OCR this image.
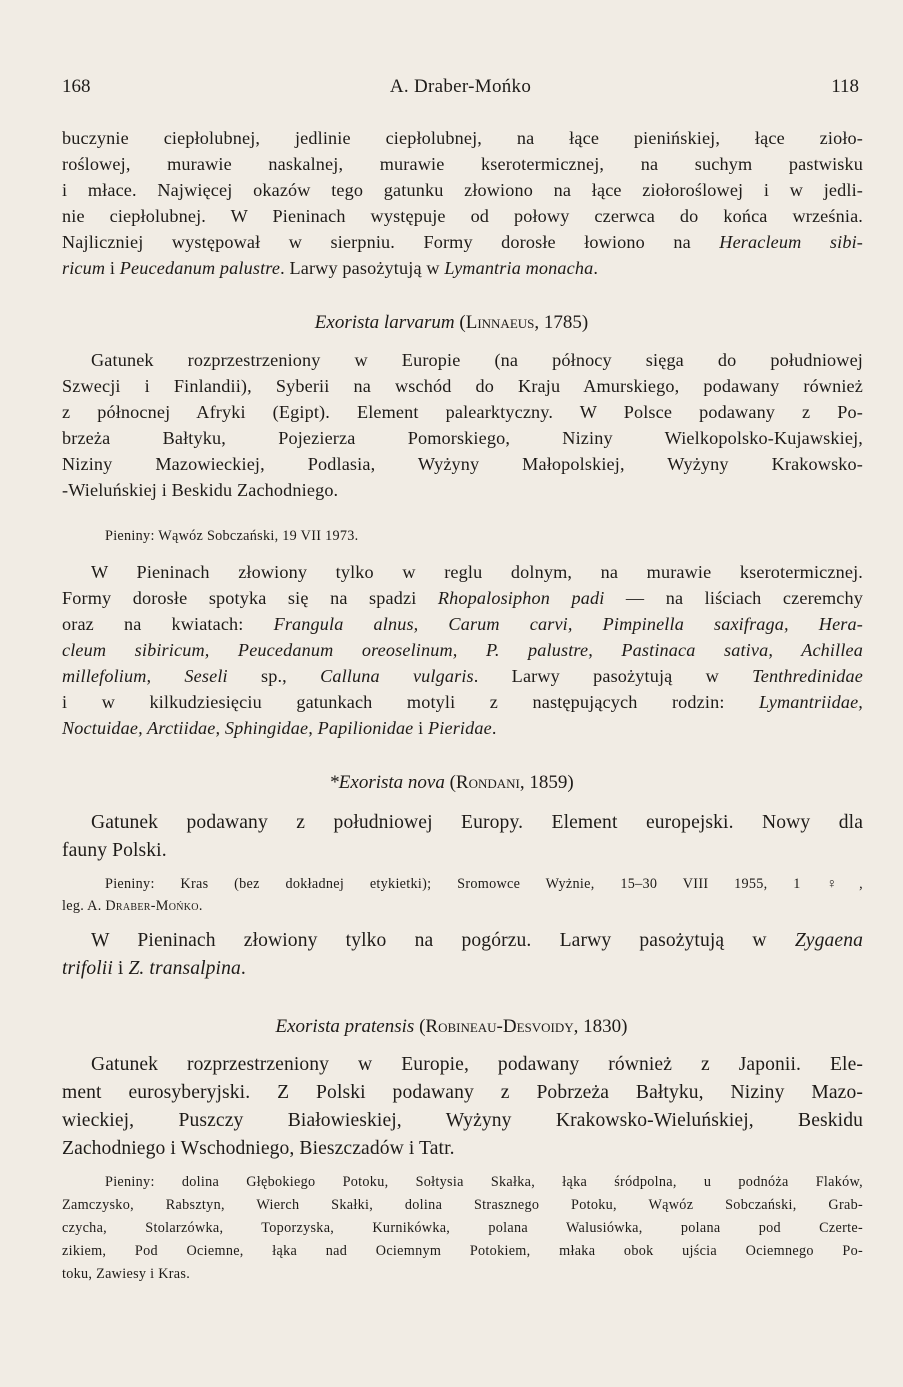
168	A. Draber-Mońko	118
buczynie ciepłolubnej, jedlinie ciepłolubnej, na łące pienińskiej, łące zioło-
roślowej, murawie naskalnej, murawie kserotermicznej, na suchym pastwisku
i młace. Najwięcej okazów tego gatunku złowiono na łące ziołoroślowej i w jedli-
nie ciepłolubnej. W Pieninach występuje od połowy czerwca do końca września.
Najliczniej występował w sierpniu. Formy dorosłe łowiono na Heracleum sibi-
ricum i Peucedanum palustre. Larwy pasożytują w Lymantria monacha.
Exorista larvarum (Linnaeus, 1785)
Gatunek rozprzestrzeniony w Europie (na północy sięga do południowej
Szwecji i Finlandii), Syberii na wschód do Kraju Amurskiego, podawany również
z północnej Afryki (Egipt). Element palearktyczny. W Polsce podawany z Po-
brzeża Bałtyku, Pojezierza Pomorskiego, Niziny Wielkopolsko-Kujawskiej,
Niziny Mazowieckiej, Podlasia, Wyżyny Małopolskiej, Wyżyny Krakowsko-
-Wieluńskiej i Beskidu Zachodniego.
Pieniny: Wąwóz Sobczański, 19 VII 1973.
W Pieninach złowiony tylko w reglu dolnym, na murawie kserotermicznej.
Formy dorosłe spotyka się na spadzi Rhopalosiphon padi — na liściach czeremchy
oraz na kwiatach: Frangula alnus, Carum carvi, Pimpinella saxifraga, Hera-
cleum sibiricum, Peucedanum oreoselinum, P. palustre, Pastinaca sativa, Achillea
millefolium, Seseli sp., Calluna vulgaris. Larwy pasożytują w Tenthredinidae
i w kilkudziesięciu gatunkach motyli z następujących rodzin: Lymantriidae,
Noctuidae, Arctiidae, Sphingidae, Papilionidae i Pieridae.
*Exorista nova (Rondani, 1859)
Gatunek podawany z południowej Europy. Element europejski. Nowy dla
fauny Polski.
Pieniny: Kras (bez dokładnej etykietki); Sromowce Wyżnie, 15–30 VIII 1955, 1 ♀,
leg. A. Draber-Mońko.
W Pieninach złowiony tylko na pogórzu. Larwy pasożytują w Zygaena
trifolii i Z. transalpina.
Exorista pratensis (Robineau-Desvoidy, 1830)
Gatunek rozprzestrzeniony w Europie, podawany również z Japonii. Ele-
ment eurosyberyjski. Z Polski podawany z Pobrzeża Bałtyku, Niziny Mazo-
wieckiej, Puszczy Białowieskiej, Wyżyny Krakowsko-Wieluńskiej, Beskidu
Zachodniego i Wschodniego, Bieszczadów i Tatr.
Pieniny: dolina Głębokiego Potoku, Sołtysia Skałka, łąka śródpolna, u podnóża Flaków,
Zamczysko, Rabsztyn, Wierch Skałki, dolina Strasznego Potoku, Wąwóz Sobczański, Grab-
czycha, Stolarzówka, Toporzyska, Kurnikówka, polana Walusiówka, polana pod Czerte-
zikiem, Pod Ociemne, łąka nad Ociemnym Potokiem, młaka obok ujścia Ociemnego Po-
toku, Zawiesy i Kras.
